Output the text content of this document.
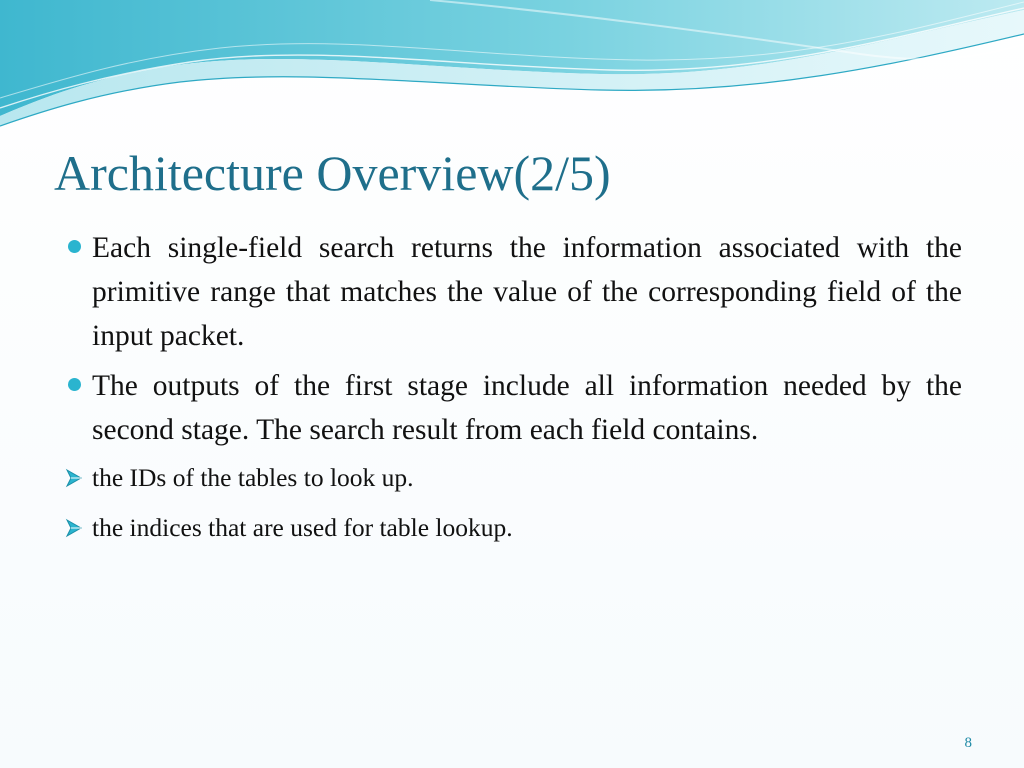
Architecture Overview(2/5)

Each single-field search returns the information associated with the primitive range that matches the value of the corresponding field of the input packet.

The outputs of the first stage include all information needed by the second stage. The search result from each field contains.

the IDs of the tables to look up.

the indices that are used for table lookup.

8
